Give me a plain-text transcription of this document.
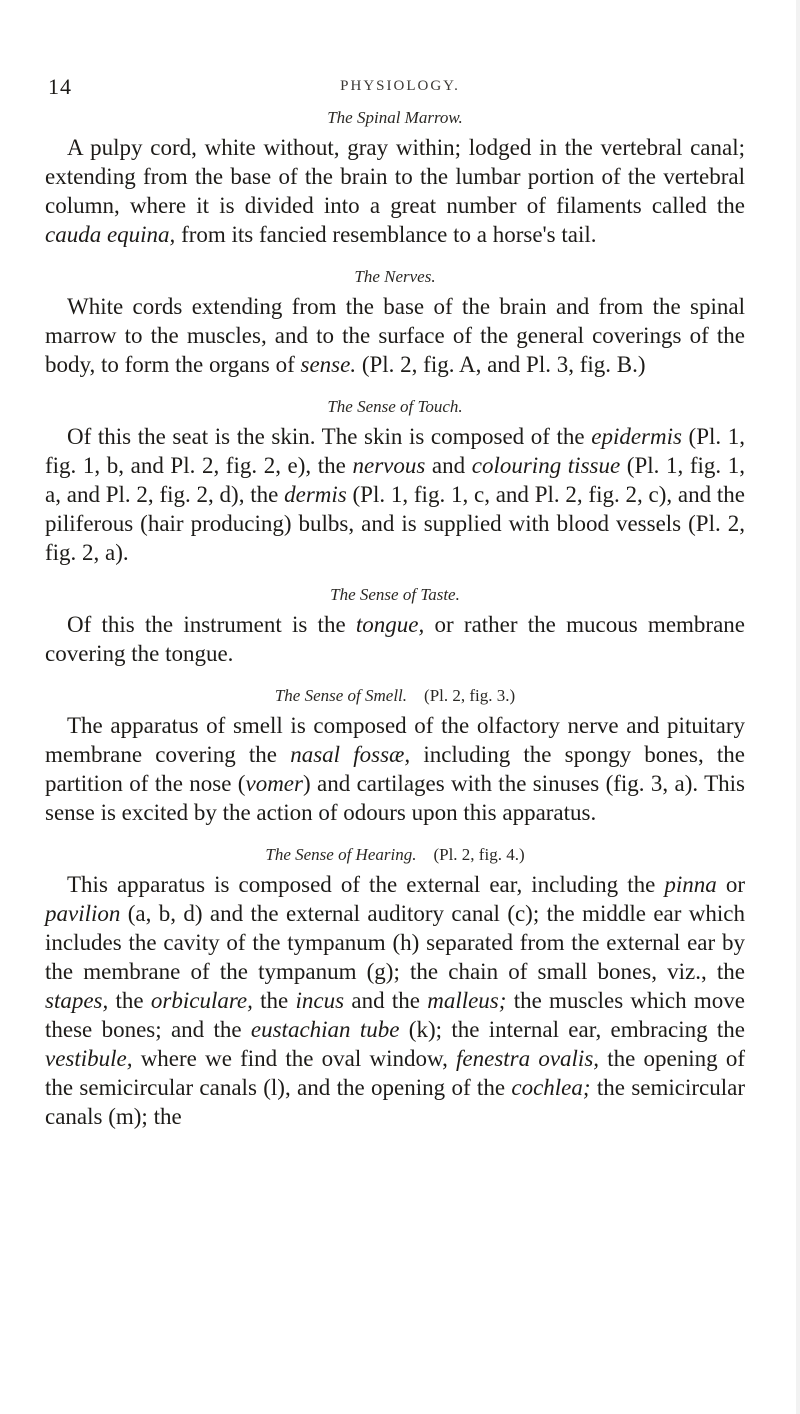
14	PHYSIOLOGY.
The Spinal Marrow.

A pulpy cord, white without, gray within; lodged in the vertebral canal; extending from the base of the brain to the lumbar portion of the vertebral column, where it is divided into a great number of filaments called the cauda equina, from its fancied resemblance to a horse's tail.

The Nerves.

White cords extending from the base of the brain and from the spinal marrow to the muscles, and to the surface of the general coverings of the body, to form the organs of sense. (Pl. 2, fig. A, and Pl. 3, fig. B.)

The Sense of Touch.

Of this the seat is the skin. The skin is composed of the epidermis (Pl. 1, fig. 1, b, and Pl. 2, fig. 2, e), the nervous and colouring tissue (Pl. 1, fig. 1, a, and Pl. 2, fig. 2, d), the dermis (Pl. 1, fig. 1, c, and Pl. 2, fig. 2, c), and the piliferous (hair producing) bulbs, and is supplied with blood vessels (Pl. 2, fig. 2, a).

The Sense of Taste.

Of this the instrument is the tongue, or rather the mucous membrane covering the tongue.

The Sense of Smell.  (Pl. 2, fig. 3.)

The apparatus of smell is composed of the olfactory nerve and pituitary membrane covering the nasal fossæ, including the spongy bones, the partition of the nose (vomer) and cartilages with the sinuses (fig. 3, a). This sense is excited by the action of odours upon this apparatus.

The Sense of Hearing.  (Pl. 2, fig. 4.)

This apparatus is composed of the external ear, including the pinna or pavilion (a, b, d) and the external auditory canal (c); the middle ear which includes the cavity of the tympanum (h) separated from the external ear by the membrane of the tympanum (g); the chain of small bones, viz., the stapes, the orbiculare, the incus and the malleus; the muscles which move these bones; and the eustachian tube (k); the internal ear, embracing the vestibule, where we find the oval window, fenestra ovalis, the opening of the semicircular canals (l), and the opening of the cochlea; the semicircular canals (m); the
